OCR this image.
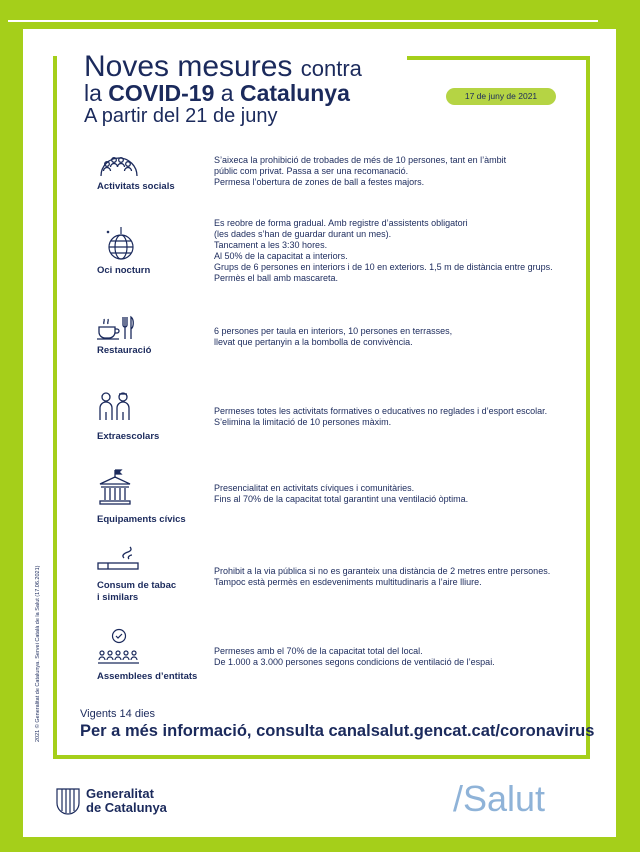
Noves mesures contra
la COVID-19 a Catalunya
A partir del 21 de juny
17 de juny de 2021
Activitats socials
S’aixeca la prohibició de trobades de més de 10 persones, tant en l’àmbit
públic com privat. Passa a ser una recomanació.
Permesa l’obertura de zones de ball a festes majors.
Oci nocturn
Es reobre de forma gradual. Amb registre d’assistents obligatori
(les dades s’han de guardar durant un mes).
Tancament a les 3:30 hores.
Al 50% de la capacitat a interiors.
Grups de 6 persones en interiors i de 10 en exteriors. 1,5 m de distància entre grups.
Permès el ball amb mascareta.
Restauració
6 persones per taula en interiors, 10 persones en terrasses,
llevat que pertanyin a la bombolla de convivència.
Extraescolars
Permeses totes les activitats formatives o educatives no reglades i d’esport escolar.
S’elimina la limitació de 10 persones màxim.
Equipaments cívics
Presencialitat en activitats cíviques i comunitàries.
Fins al 70% de la capacitat total garantint una ventilació òptima.
Consum de tabac
i similars
Prohibit a la via pública si no es garanteix una distància de 2 metres entre persones.
Tampoc està permès en esdeveniments multitudinaris a l’aire lliure.
Assemblees d’entitats
Permeses amb el 70% de la capacitat total del local.
De 1.000 a 3.000 persones segons condicions de ventilació de l’espai.
Vigents 14 dies
Per a més informació, consulta canalsalut.gencat.cat/coronavirus
2021 © Generalitat de Catalunya. Servei Català de la Salut (17.06.2021)
Generalitat
de Catalunya	/Salut
